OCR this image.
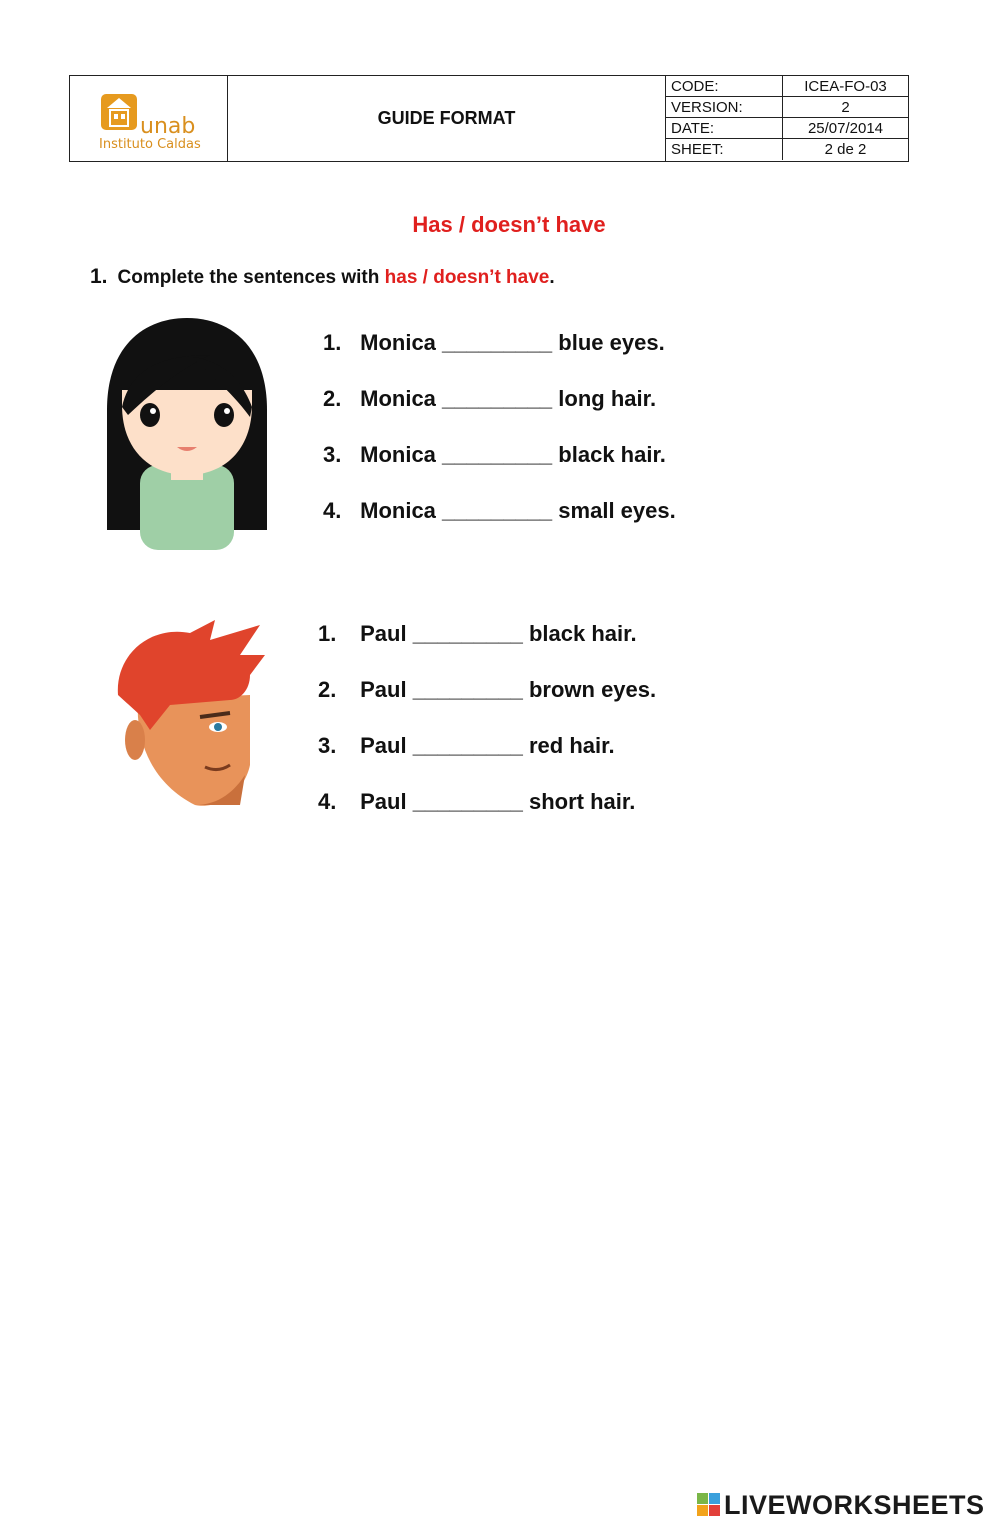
unab
Instituto Caldas
GUIDE FORMAT
CODE:	ICEA-FO-03
VERSION:	2
DATE:	25/07/2014
SHEET:	2 de 2
Has / doesn’t have
1. Complete the sentences with has / doesn’t have.
1. Monica _________ blue eyes.
2. Monica _________ long hair.
3. Monica _________ black hair.
4. Monica _________ small eyes.
1. Paul _________ black hair.
2. Paul _________ brown eyes.
3. Paul _________ red hair.
4. Paul _________ short hair.
LIVEWORKSHEETS
